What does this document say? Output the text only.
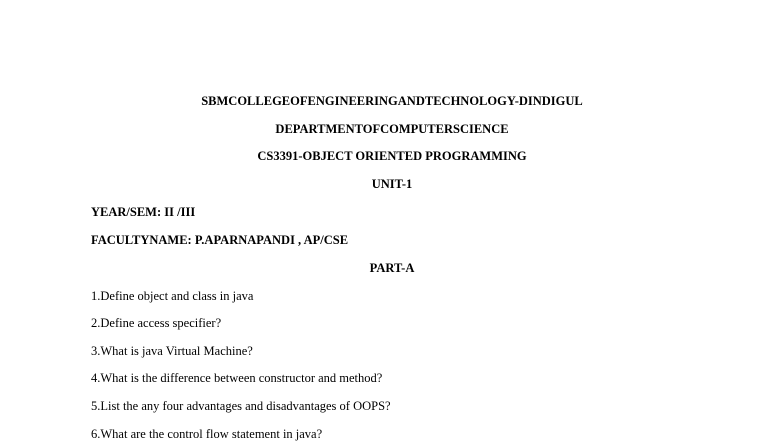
SBMCOLLEGEOFENGINEERINGANDTECHNOLOGY-DINDIGUL
DEPARTMENTOFCOMPUTERSCIENCE
CS3391-OBJECT ORIENTED PROGRAMMING
UNIT-1
YEAR/SEM: II /III
FACULTYNAME: P.APARNAPANDI , AP/CSE
PART-A
1.Define object and class in java
2.Define access specifier?
3.What is java Virtual Machine?
4.What is the difference between constructor and method?
5.List the any four advantages and disadvantages of OOPS?
6.What are the control flow statement in java?
